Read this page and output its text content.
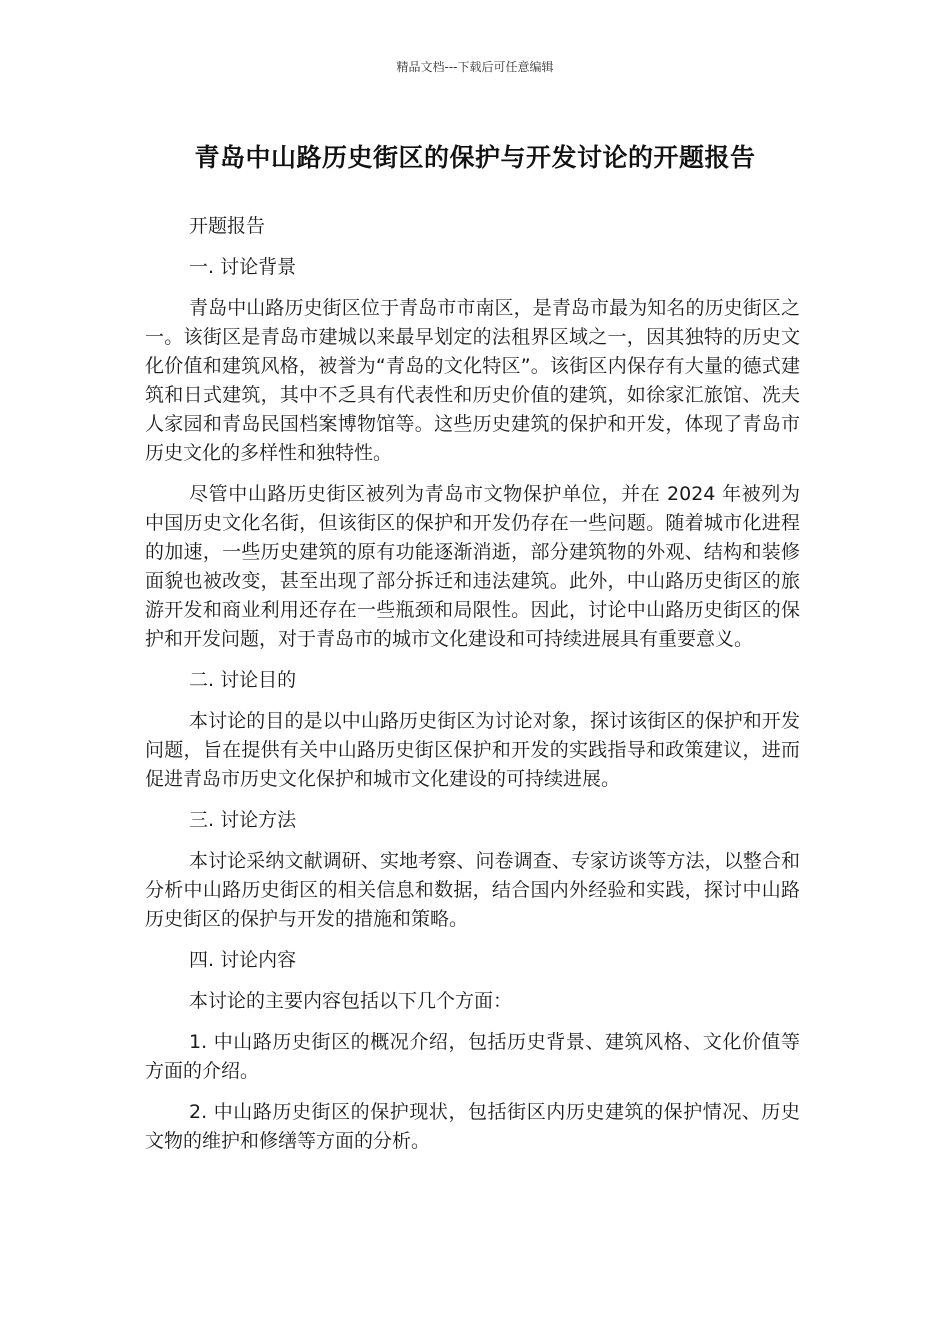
精品文档---下载后可任意编辑
青岛中山路历史街区的保护与开发讨论的开题报告

开题报告

一. 讨论背景

青岛中山路历史街区位于青岛市市南区，是青岛市最为知名的历史街区之一。该街区是青岛市建城以来最早划定的法租界区域之一，因其独特的历史文化价值和建筑风格，被誉为“青岛的文化特区”。该街区内保存有大量的德式建筑和日式建筑，其中不乏具有代表性和历史价值的建筑，如徐家汇旅馆、冼夫人家园和青岛民国档案博物馆等。这些历史建筑的保护和开发，体现了青岛市历史文化的多样性和独特性。

尽管中山路历史街区被列为青岛市文物保护单位，并在 2024 年被列为中国历史文化名街，但该街区的保护和开发仍存在一些问题。随着城市化进程的加速，一些历史建筑的原有功能逐渐消逝，部分建筑物的外观、结构和装修面貌也被改变，甚至出现了部分拆迁和违法建筑。此外，中山路历史街区的旅游开发和商业利用还存在一些瓶颈和局限性。因此，讨论中山路历史街区的保护和开发问题，对于青岛市的城市文化建设和可持续进展具有重要意义。

二. 讨论目的

本讨论的目的是以中山路历史街区为讨论对象，探讨该街区的保护和开发问题，旨在提供有关中山路历史街区保护和开发的实践指导和政策建议，进而促进青岛市历史文化保护和城市文化建设的可持续进展。

三. 讨论方法

本讨论采纳文献调研、实地考察、问卷调查、专家访谈等方法，以整合和分析中山路历史街区的相关信息和数据，结合国内外经验和实践，探讨中山路历史街区的保护与开发的措施和策略。

四. 讨论内容

本讨论的主要内容包括以下几个方面：

1. 中山路历史街区的概况介绍，包括历史背景、建筑风格、文化价值等方面的介绍。

2. 中山路历史街区的保护现状，包括街区内历史建筑的保护情况、历史文物的维护和修缮等方面的分析。
